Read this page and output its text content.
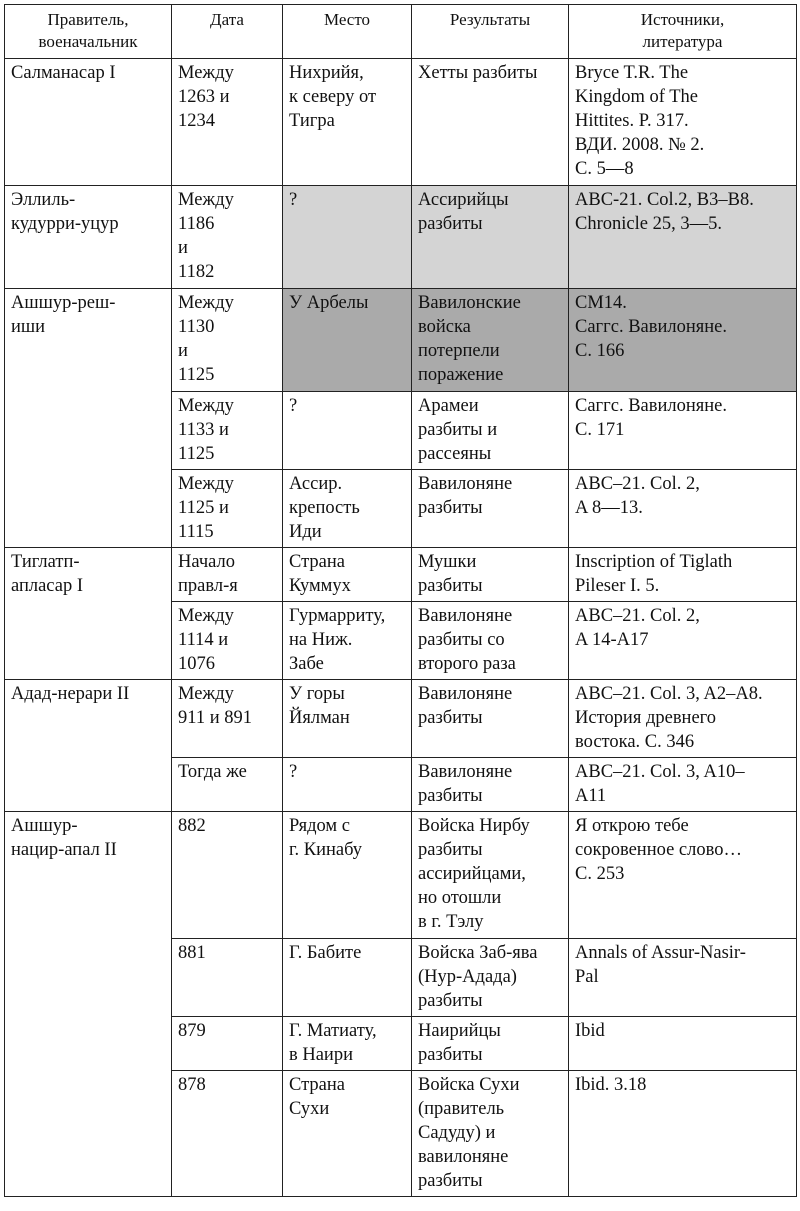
Правитель,
военачальник	Дата	Место	Результаты	Источники,
литература
Салманасар I	Между
1263 и
1234	Нихрийя,
к северу от
Тигра	Хетты разбиты	Bryce T.R. The
Kingdom of The
Hittites. P. 317.
ВДИ. 2008. № 2.
С. 5—8
Эллиль-
кудурри-уцур	Между
1186
и
1182	?	Ассирийцы
разбиты	ABC-21. Col.2, B3–B8.
Chronicle 25, 3—5.
Ашшур-реш-
иши	Между
1130
и
1125	У Арбелы	Вавилонские
войска
потерпели
поражение	CM14.
Caггc. Вавилоняне.
С. 166
	Между
1133 и
1125	?	Арамеи
разбиты и
рассеяны	Caггc. Вавилоняне.
С. 171
	Между
1125 и
1115	Ассир.
крепость
Иди	Вавилоняне
разбиты	ABC–21. Col. 2,
A 8—13.
Тиглатп-
апласар I	Начало
правл-я	Страна
Куммух	Мушки
разбиты	Inscription of Tiglath
Pileser I. 5.
	Между
1114 и
1076	Гурмарриту,
на Ниж.
Забе	Вавилоняне
разбиты со
второго раза	ABC–21. Col. 2,
A 14-A17
Адад-нерари II	Между
911 и 891	У горы
Йялман	Вавилоняне
разбиты	ABC–21. Col. 3, A2–A8.
История древнего
востока. С. 346
	Тогда же	?	Вавилоняне
разбиты	ABC–21. Col. 3, A10–
A11
Ашшур-
нацир-апал II	882	Рядом с
г. Кинабу	Войска Нирбу
разбиты
ассирийцами,
но отошли
в г. Тэлу	Я открою тебе
сокровенное слово…
С. 253
	881	Г. Бабите	Войска Заб-ява
(Нур-Адада)
разбиты	Annals of Assur-Nasir-
Pal
	879	Г. Матиату,
в Наири	Наирийцы
разбиты	Ibid
	878	Страна
Сухи	Войска Сухи
(правитель
Садуду) и
вавилоняне
разбиты	Ibid. 3.18
